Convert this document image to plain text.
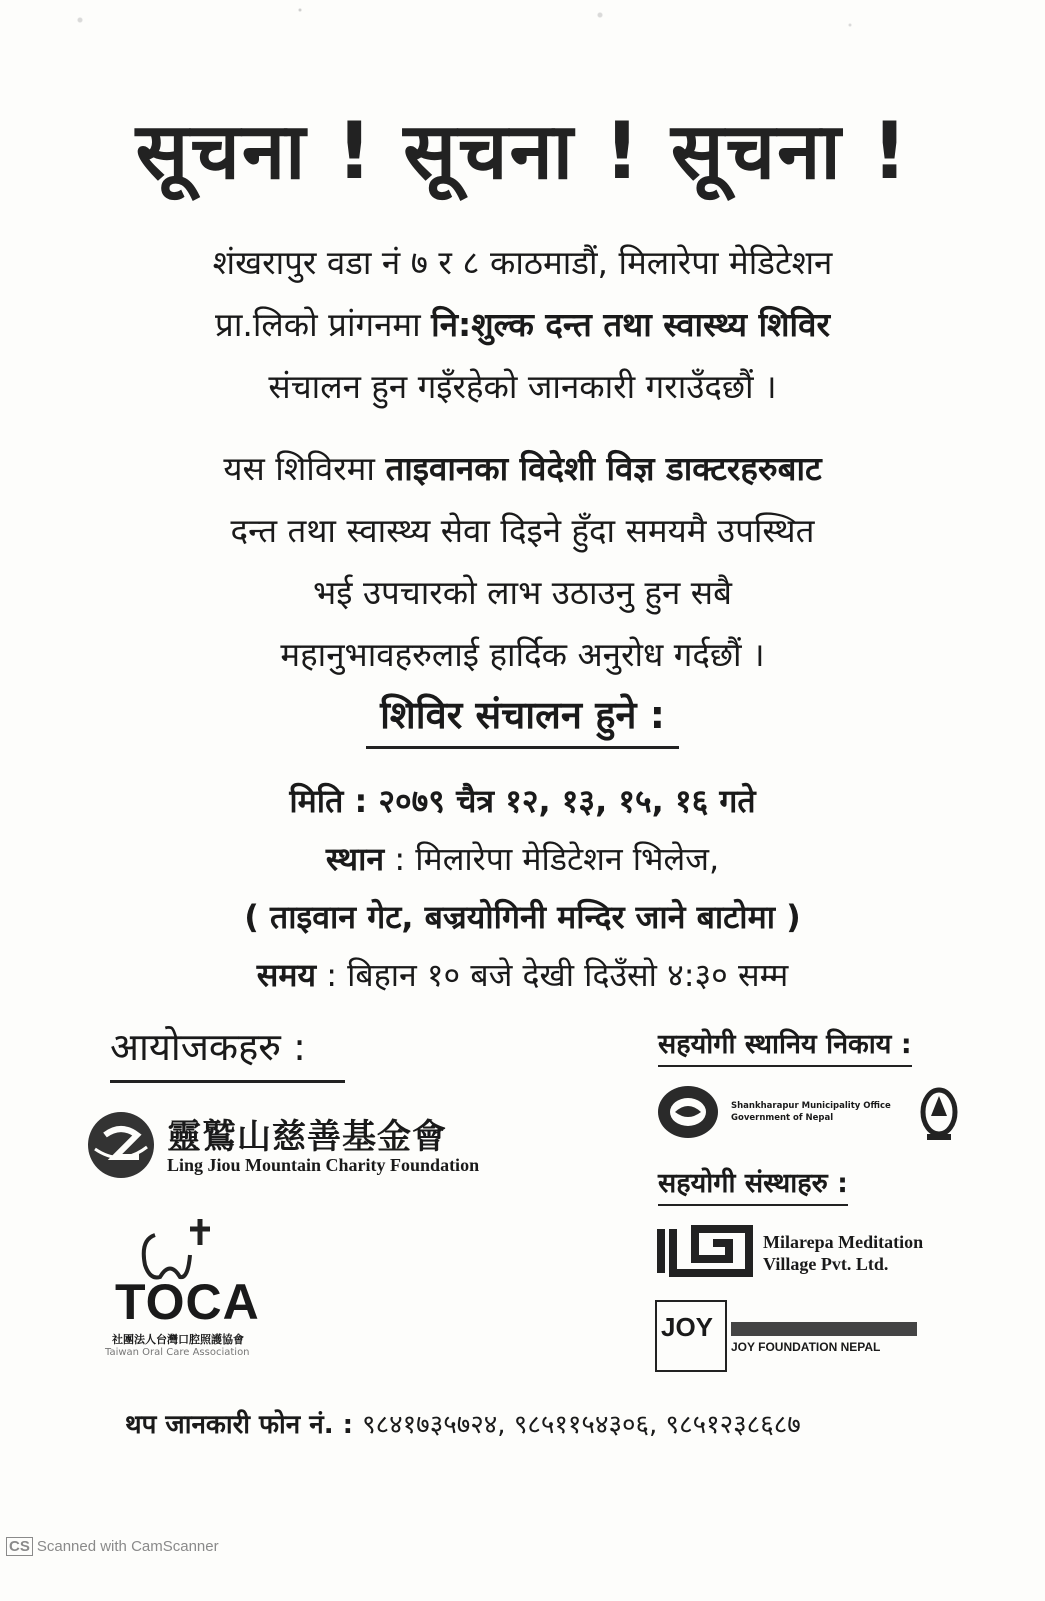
सूचना ! सूचना ! सूचना !
शंखरापुर वडा नं ७ र ८ काठमाडौं, मिलारेपा मेडिटेशन
प्रा.लिको प्रांगनमा नि:शुल्क दन्त तथा स्वास्थ्य शिविर
संचालन हुन गइँरहेको जानकारी गराउँदछौं ।
यस शिविरमा ताइवानका विदेशी विज्ञ डाक्टरहरुबाट
दन्त तथा स्वास्थ्य सेवा दिइने हुँदा समयमै उपस्थित
भई उपचारको लाभ उठाउनु हुन सबै
महानुभावहरुलाई हार्दिक अनुरोध गर्दछौं ।
शिविर संचालन हुने :
मिति : २०७९ चैत्र १२, १३, १५, १६ गते
स्थान : मिलारेपा मेडिटेशन भिलेज,
( ताइवान गेट, बज्रयोगिनी मन्दिर जाने बाटोमा )
समय : बिहान १० बजे देखी दिउँसो ४:३० सम्म
आयोजकहरु :	सहयोगी स्थानिय निकाय :
सहयोगी संस्थाहरु :
靈鷲山慈善基金會
Ling Jiou Mountain Charity Foundation
TOCA
社團法人台灣口腔照護協會
Taiwan Oral Care Association
Shankharapur Municipality Office
Government of Nepal
Milarepa Meditation
Village Pvt. Ltd.
JOY
JOY FOUNDATION NEPAL
थप जानकारी फोन नं. : ९८४१७३५७२४, ९८५११५४३०६, ९८५१२३८६८७
CS Scanned with CamScanner
